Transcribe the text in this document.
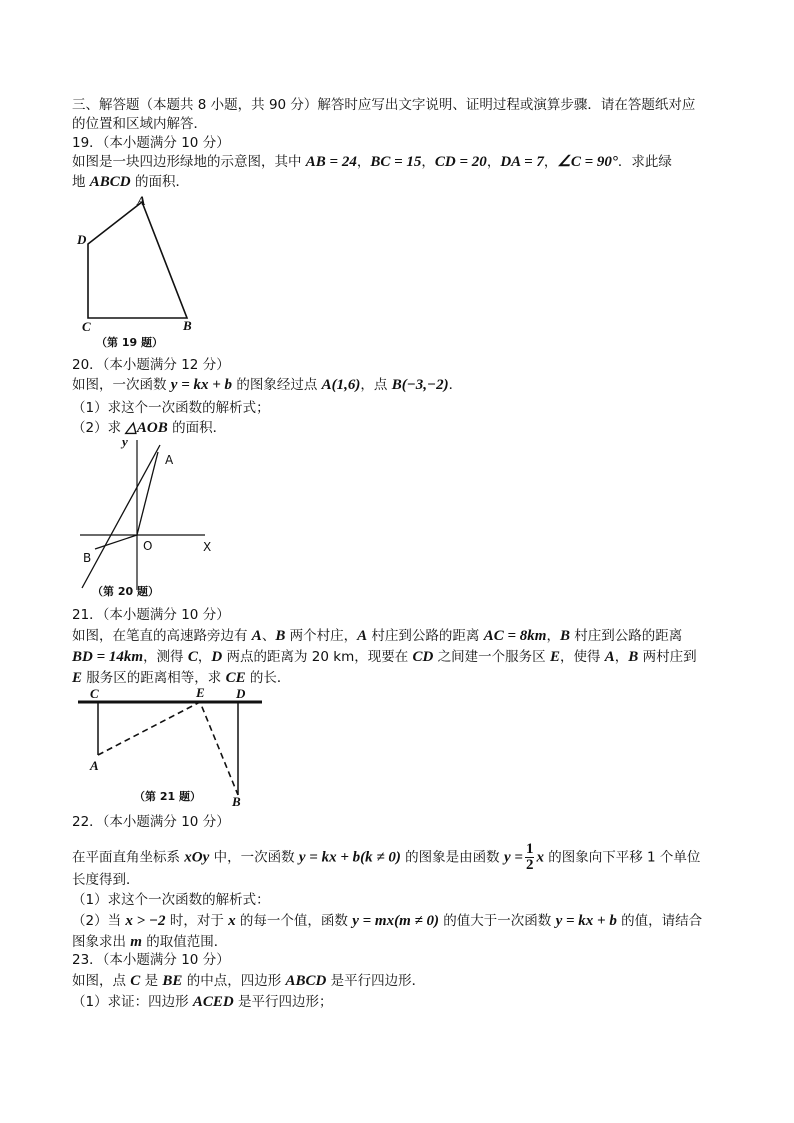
三、解答题（本题共 8 小题，共 90 分）解答时应写出文字说明、证明过程或演算步骤．请在答题纸对应
的位置和区域内解答．
19．（本小题满分 10 分）
如图是一块四边形绿地的示意图，其中 AB = 24，BC = 15，CD = 20，DA = 7，∠C = 90°．求此绿
地 ABCD 的面积．
20．（本小题满分 12 分）
如图，一次函数 y = kx + b 的图象经过点 A(1,6)，点 B(−3,−2)．
（1）求这个一次函数的解析式；
（2）求 △AOB 的面积．
21．（本小题满分 10 分）
如图，在笔直的高速路旁边有 A、B 两个村庄，A 村庄到公路的距离 AC = 8km，B 村庄到公路的距离
BD = 14km，测得 C，D 两点的距离为 20 km，现要在 CD 之间建一个服务区 E，使得 A，B 两村庄到
E 服务区的距离相等，求 CE 的长．
22．（本小题满分 10 分）
在平面直角坐标系 xOy 中，一次函数 y = kx + b(k ≠ 0) 的图象是由函数 $y = \frac{1}{2}$ x 的图象向下平移 1 个单位
长度得到．
（1）求这个一次函数的解析式：
（2）当 x > −2 时，对于 x 的每一个值，函数 y = mx(m ≠ 0) 的值大于一次函数 y = kx + b 的值，请结合
图象求出 m 的取值范围．
23．（本小题满分 10 分）
如图，点 C 是 BE 的中点，四边形 ABCD 是平行四边形．
（1）求证：四边形 ACED 是平行四边形；
A
D
C	B
（第 19 题）
y
A
B
O	X
（第 20 题）
C	E D
A
B
（第 21 题）
